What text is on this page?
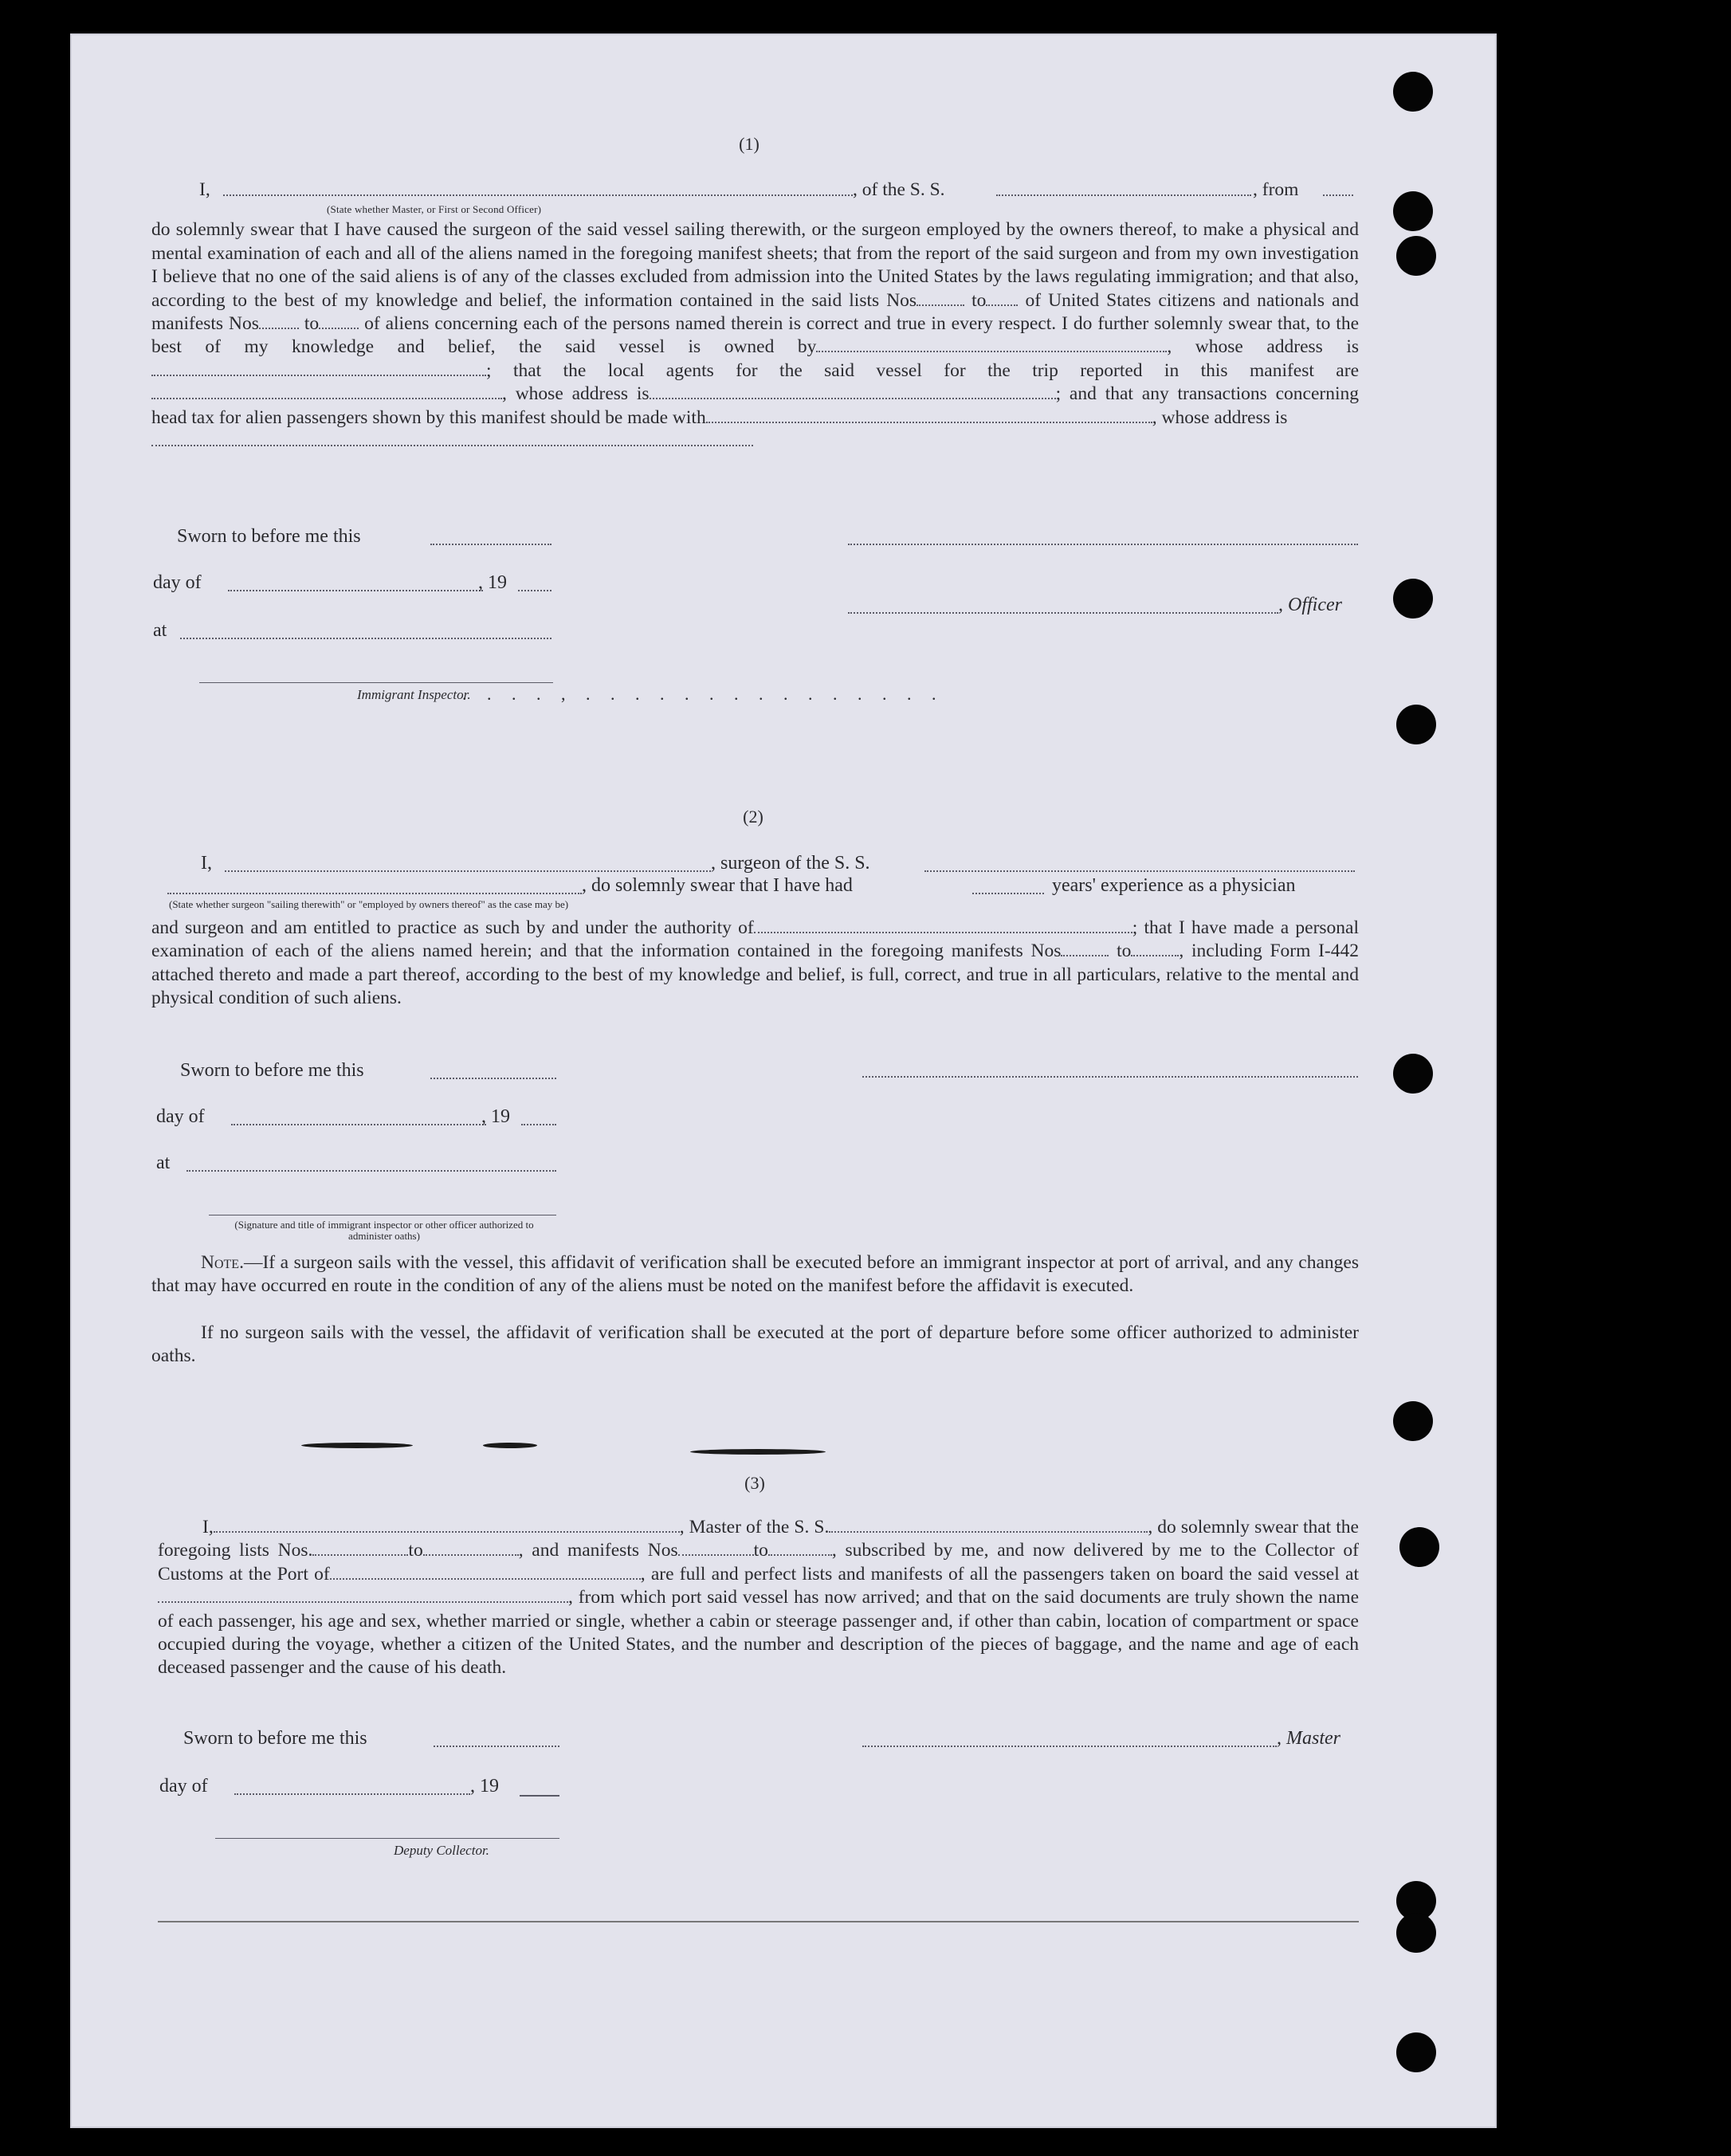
(1)
I,	, of the S. S.	, from
(State whether Master, or First or Second Officer)
do solemnly swear that I have caused the surgeon of the said vessel sailing therewith, or the surgeon employed by the owners thereof, to make a physical and mental examination of each and all of the aliens named in the foregoing manifest sheets; that from the report of the said surgeon and from my own investigation I believe that no one of the said aliens is of any of the classes excluded from admission into the United States by the laws regulating immigration; and that also, according to the best of my knowledge and belief, the information contained in the said lists Nos	to of United States citizens and nationals and manifests Nos to of aliens concerning each of the persons named therein is correct and true in every respect. I do further solemnly swear that, to the best of my knowledge and belief, the said vessel is owned by	, whose address is; that the local agents for the said vessel for the trip reported in this manifest are, whose address is	; and that any transactions concerning head tax for alien passengers shown by this manifest should be made with	, whose address is
Sworn to before me this
day of	, 19
, Officer
at
Immigrant Inspector.
. . . . , . . . . . . . . . . . . . . .
(2)
I,	, surgeon of the S. S.
, do solemnly swear that I have had	years' experience as a physician
(State whether surgeon "sailing therewith" or "employed by owners thereof" as the case may be)
and surgeon and am entitled to practice as such by and under the authority of	; that I have made a personal examination of each of the aliens named herein; and that the information contained in the foregoing manifests Nos	to	, including Form I-442 attached thereto and made a part thereof, according to the best of my knowledge and belief, is full, correct, and true in all particulars, relative to the mental and physical condition of such aliens.
Sworn to before me this
day of	, 19
at
(Signature and title of immigrant inspector or other officer authorized to administer oaths)
Note.—If a surgeon sails with the vessel, this affidavit of verification shall be executed before an immigrant inspector at port of arrival, and any changes that may have occurred en route in the condition of any of the aliens must be noted on the manifest before the affidavit is executed.
If no surgeon sails with the vessel, the affidavit of verification shall be executed at the port of departure before some officer authorized to administer oaths.
(3)
I,	, Master of the S. S.	, do solemnly swear that the foregoing lists Nos.	to	, and manifests Nos	to	, subscribed by me, and now delivered by me to the Collector of Customs at the Port of	, are full and perfect lists and manifests of all the passengers taken on board the said vessel at, from which port said vessel has now arrived; and that on the said documents are truly shown the name of each passenger, his age and sex, whether married or single, whether a cabin or steerage passenger and, if other than cabin, location of compartment or space occupied during the voyage, whether a citizen of the United States, and the number and description of the pieces of baggage, and the name and age of each deceased passenger and the cause of his death.
Sworn to before me this	, Master
day of	, 19
Deputy Collector.
